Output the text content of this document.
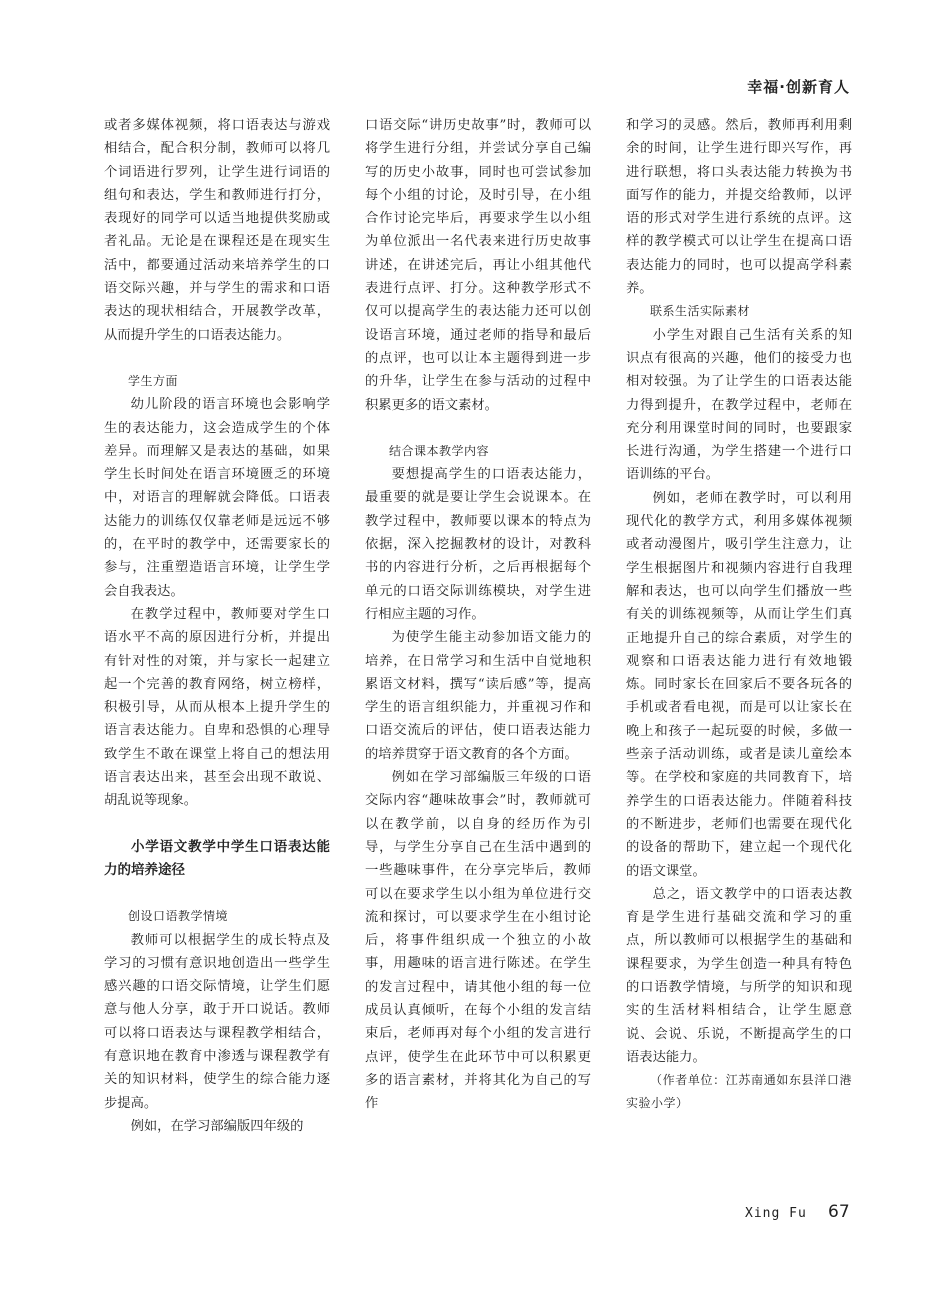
幸福·创新育人

或者多媒体视频，将口语表达与游戏相结合，配合积分制，教师可以将几个词语进行罗列，让学生进行词语的组句和表达，学生和教师进行打分，表现好的同学可以适当地提供奖励或者礼品。无论是在课程还是在现实生活中，都要通过活动来培养学生的口语交际兴趣，并与学生的需求和口语表达的现状相结合，开展教学改革，从而提升学生的口语表达能力。

学生方面

幼儿阶段的语言环境也会影响学生的表达能力，这会造成学生的个体差异。而理解又是表达的基础，如果学生长时间处在语言环境匮乏的环境中，对语言的理解就会降低。口语表达能力的训练仅仅靠老师是远远不够的，在平时的教学中，还需要家长的参与，注重塑造语言环境，让学生学会自我表达。

在教学过程中，教师要对学生口语水平不高的原因进行分析，并提出有针对性的对策，并与家长一起建立起一个完善的教育网络，树立榜样，积极引导，从而从根本上提升学生的语言表达能力。自卑和恐惧的心理导致学生不敢在课堂上将自己的想法用语言表达出来，甚至会出现不敢说、胡乱说等现象。

小学语文教学中学生口语表达能力的培养途径

创设口语教学情境

教师可以根据学生的成长特点及学习的习惯有意识地创造出一些学生感兴趣的口语交际情境，让学生们愿意与他人分享，敢于开口说话。教师可以将口语表达与课程教学相结合，有意识地在教育中渗透与课程教学有关的知识材料，使学生的综合能力逐步提高。

例如，在学习部编版四年级的

口语交际“讲历史故事”时，教师可以将学生进行分组，并尝试分享自己编写的历史小故事，同时也可尝试参加每个小组的讨论，及时引导，在小组合作讨论完毕后，再要求学生以小组为单位派出一名代表来进行历史故事讲述，在讲述完后，再让小组其他代表进行点评、打分。这种教学形式不仅可以提高学生的表达能力还可以创设语言环境，通过老师的指导和最后的点评，也可以让本主题得到进一步的升华，让学生在参与活动的过程中积累更多的语文素材。

结合课本教学内容

要想提高学生的口语表达能力，最重要的就是要让学生会说课本。在教学过程中，教师要以课本的特点为依据，深入挖掘教材的设计，对教科书的内容进行分析，之后再根据每个单元的口语交际训练模块，对学生进行相应主题的习作。

为使学生能主动参加语文能力的培养，在日常学习和生活中自觉地积累语文材料，撰写“读后感”等，提高学生的语言组织能力，并重视习作和口语交流后的评估，使口语表达能力的培养贯穿于语文教育的各个方面。

例如在学习部编版三年级的口语交际内容“趣味故事会”时，教师就可以在教学前，以自身的经历作为引导，与学生分享自己在生活中遇到的一些趣味事件，在分享完毕后，教师可以在要求学生以小组为单位进行交流和探讨，可以要求学生在小组讨论后，将事件组织成一个独立的小故事，用趣味的语言进行陈述。在学生的发言过程中，请其他小组的每一位成员认真倾听，在每个小组的发言结束后，老师再对每个小组的发言进行点评，使学生在此环节中可以积累更多的语言素材，并将其化为自己的写作

和学习的灵感。然后，教师再利用剩余的时间，让学生进行即兴写作，再进行联想，将口头表达能力转换为书面写作的能力，并提交给教师，以评语的形式对学生进行系统的点评。这样的教学模式可以让学生在提高口语表达能力的同时，也可以提高学科素养。

联系生活实际素材

小学生对跟自己生活有关系的知识点有很高的兴趣，他们的接受力也相对较强。为了让学生的口语表达能力得到提升，在教学过程中，老师在充分利用课堂时间的同时，也要跟家长进行沟通，为学生搭建一个进行口语训练的平台。

例如，老师在教学时，可以利用现代化的教学方式，利用多媒体视频或者动漫图片，吸引学生注意力，让学生根据图片和视频内容进行自我理解和表达，也可以向学生们播放一些有关的训练视频等，从而让学生们真正地提升自己的综合素质，对学生的观察和口语表达能力进行有效地锻炼。同时家长在回家后不要各玩各的手机或者看电视，而是可以让家长在晚上和孩子一起玩耍的时候，多做一些亲子活动训练，或者是读儿童绘本等。在学校和家庭的共同教育下，培养学生的口语表达能力。伴随着科技的不断进步，老师们也需要在现代化的设备的帮助下，建立起一个现代化的语文课堂。

总之，语文教学中的口语表达教育是学生进行基础交流和学习的重点，所以教师可以根据学生的基础和课程要求，为学生创造一种具有特色的口语教学情境，与所学的知识和现实的生活材料相结合，让学生愿意说、会说、乐说，不断提高学生的口语表达能力。

（作者单位：江苏南通如东县洋口港实验小学）

Xing Fu 67
